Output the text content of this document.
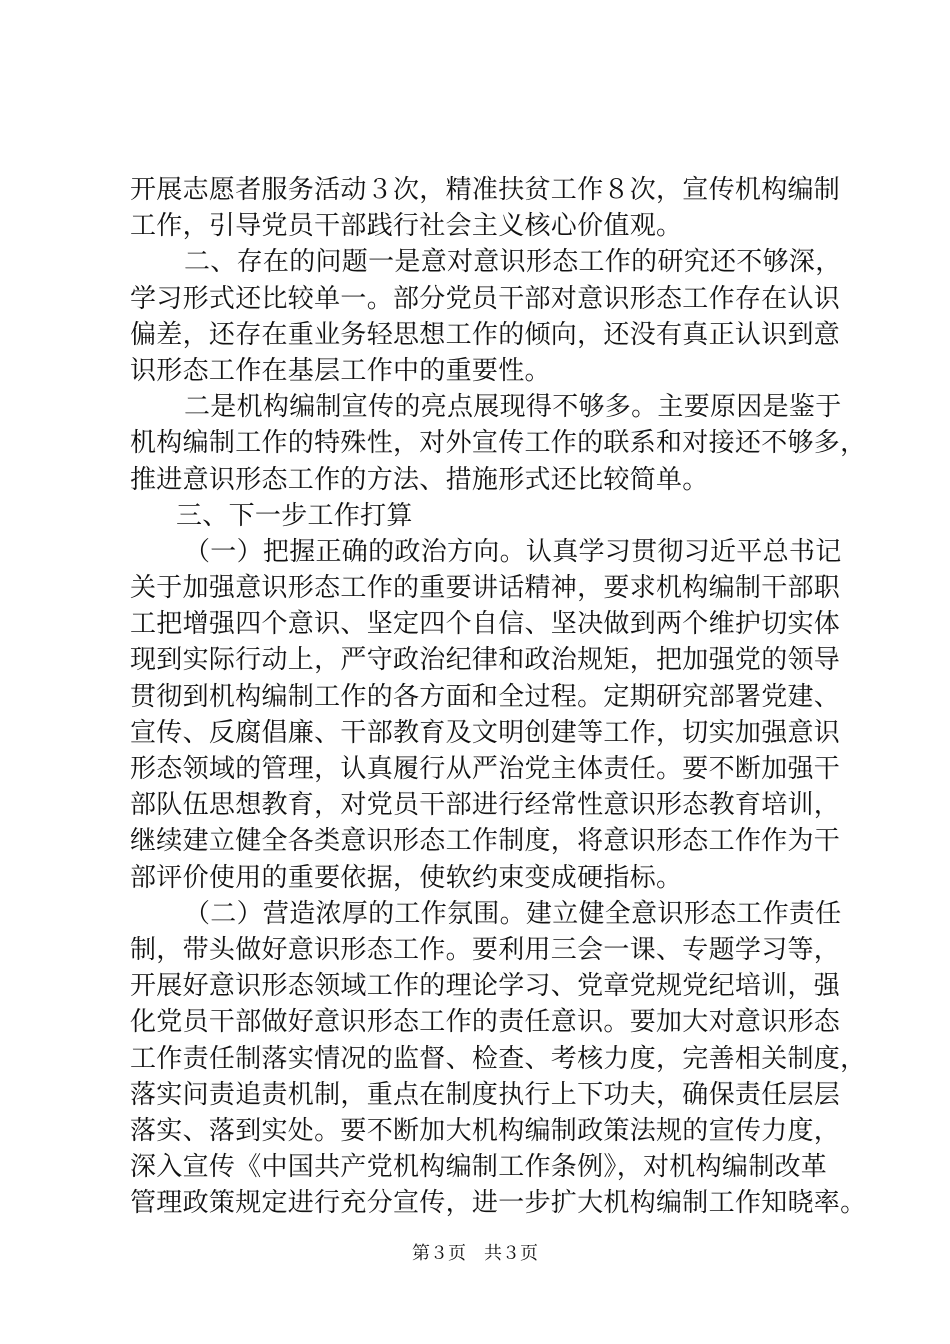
开展志愿者服务活动３次，精准扶贫工作８次，宣传机构编制
工作，引导党员干部践行社会主义核心价值观。
二、存在的问题一是意对意识形态工作的研究还不够深，
学习形式还比较单一。部分党员干部对意识形态工作存在认识
偏差，还存在重业务轻思想工作的倾向，还没有真正认识到意
识形态工作在基层工作中的重要性。
二是机构编制宣传的亮点展现得不够多。主要原因是鉴于
机构编制工作的特殊性，对外宣传工作的联系和对接还不够多，
推进意识形态工作的方法、措施形式还比较简单。
三、下一步工作打算
（一）把握正确的政治方向。认真学习贯彻习近平总书记
关于加强意识形态工作的重要讲话精神，要求机构编制干部职
工把增强四个意识、坚定四个自信、坚决做到两个维护切实体
现到实际行动上，严守政治纪律和政治规矩，把加强党的领导
贯彻到机构编制工作的各方面和全过程。定期研究部署党建、
宣传、反腐倡廉、干部教育及文明创建等工作，切实加强意识
形态领域的管理，认真履行从严治党主体责任。要不断加强干
部队伍思想教育，对党员干部进行经常性意识形态教育培训，
继续建立健全各类意识形态工作制度，将意识形态工作作为干
部评价使用的重要依据，使软约束变成硬指标。
（二）营造浓厚的工作氛围。建立健全意识形态工作责任
制，带头做好意识形态工作。要利用三会一课、专题学习等，
开展好意识形态领域工作的理论学习、党章党规党纪培训，强
化党员干部做好意识形态工作的责任意识。要加大对意识形态
工作责任制落实情况的监督、检查、考核力度，完善相关制度，
落实问责追责机制，重点在制度执行上下功夫，确保责任层层
落实、落到实处。要不断加大机构编制政策法规的宣传力度，
深入宣传《中国共产党机构编制工作条例》，对机构编制改革
管理政策规定进行充分宣传，进一步扩大机构编制工作知晓率。
第３页　共３页
